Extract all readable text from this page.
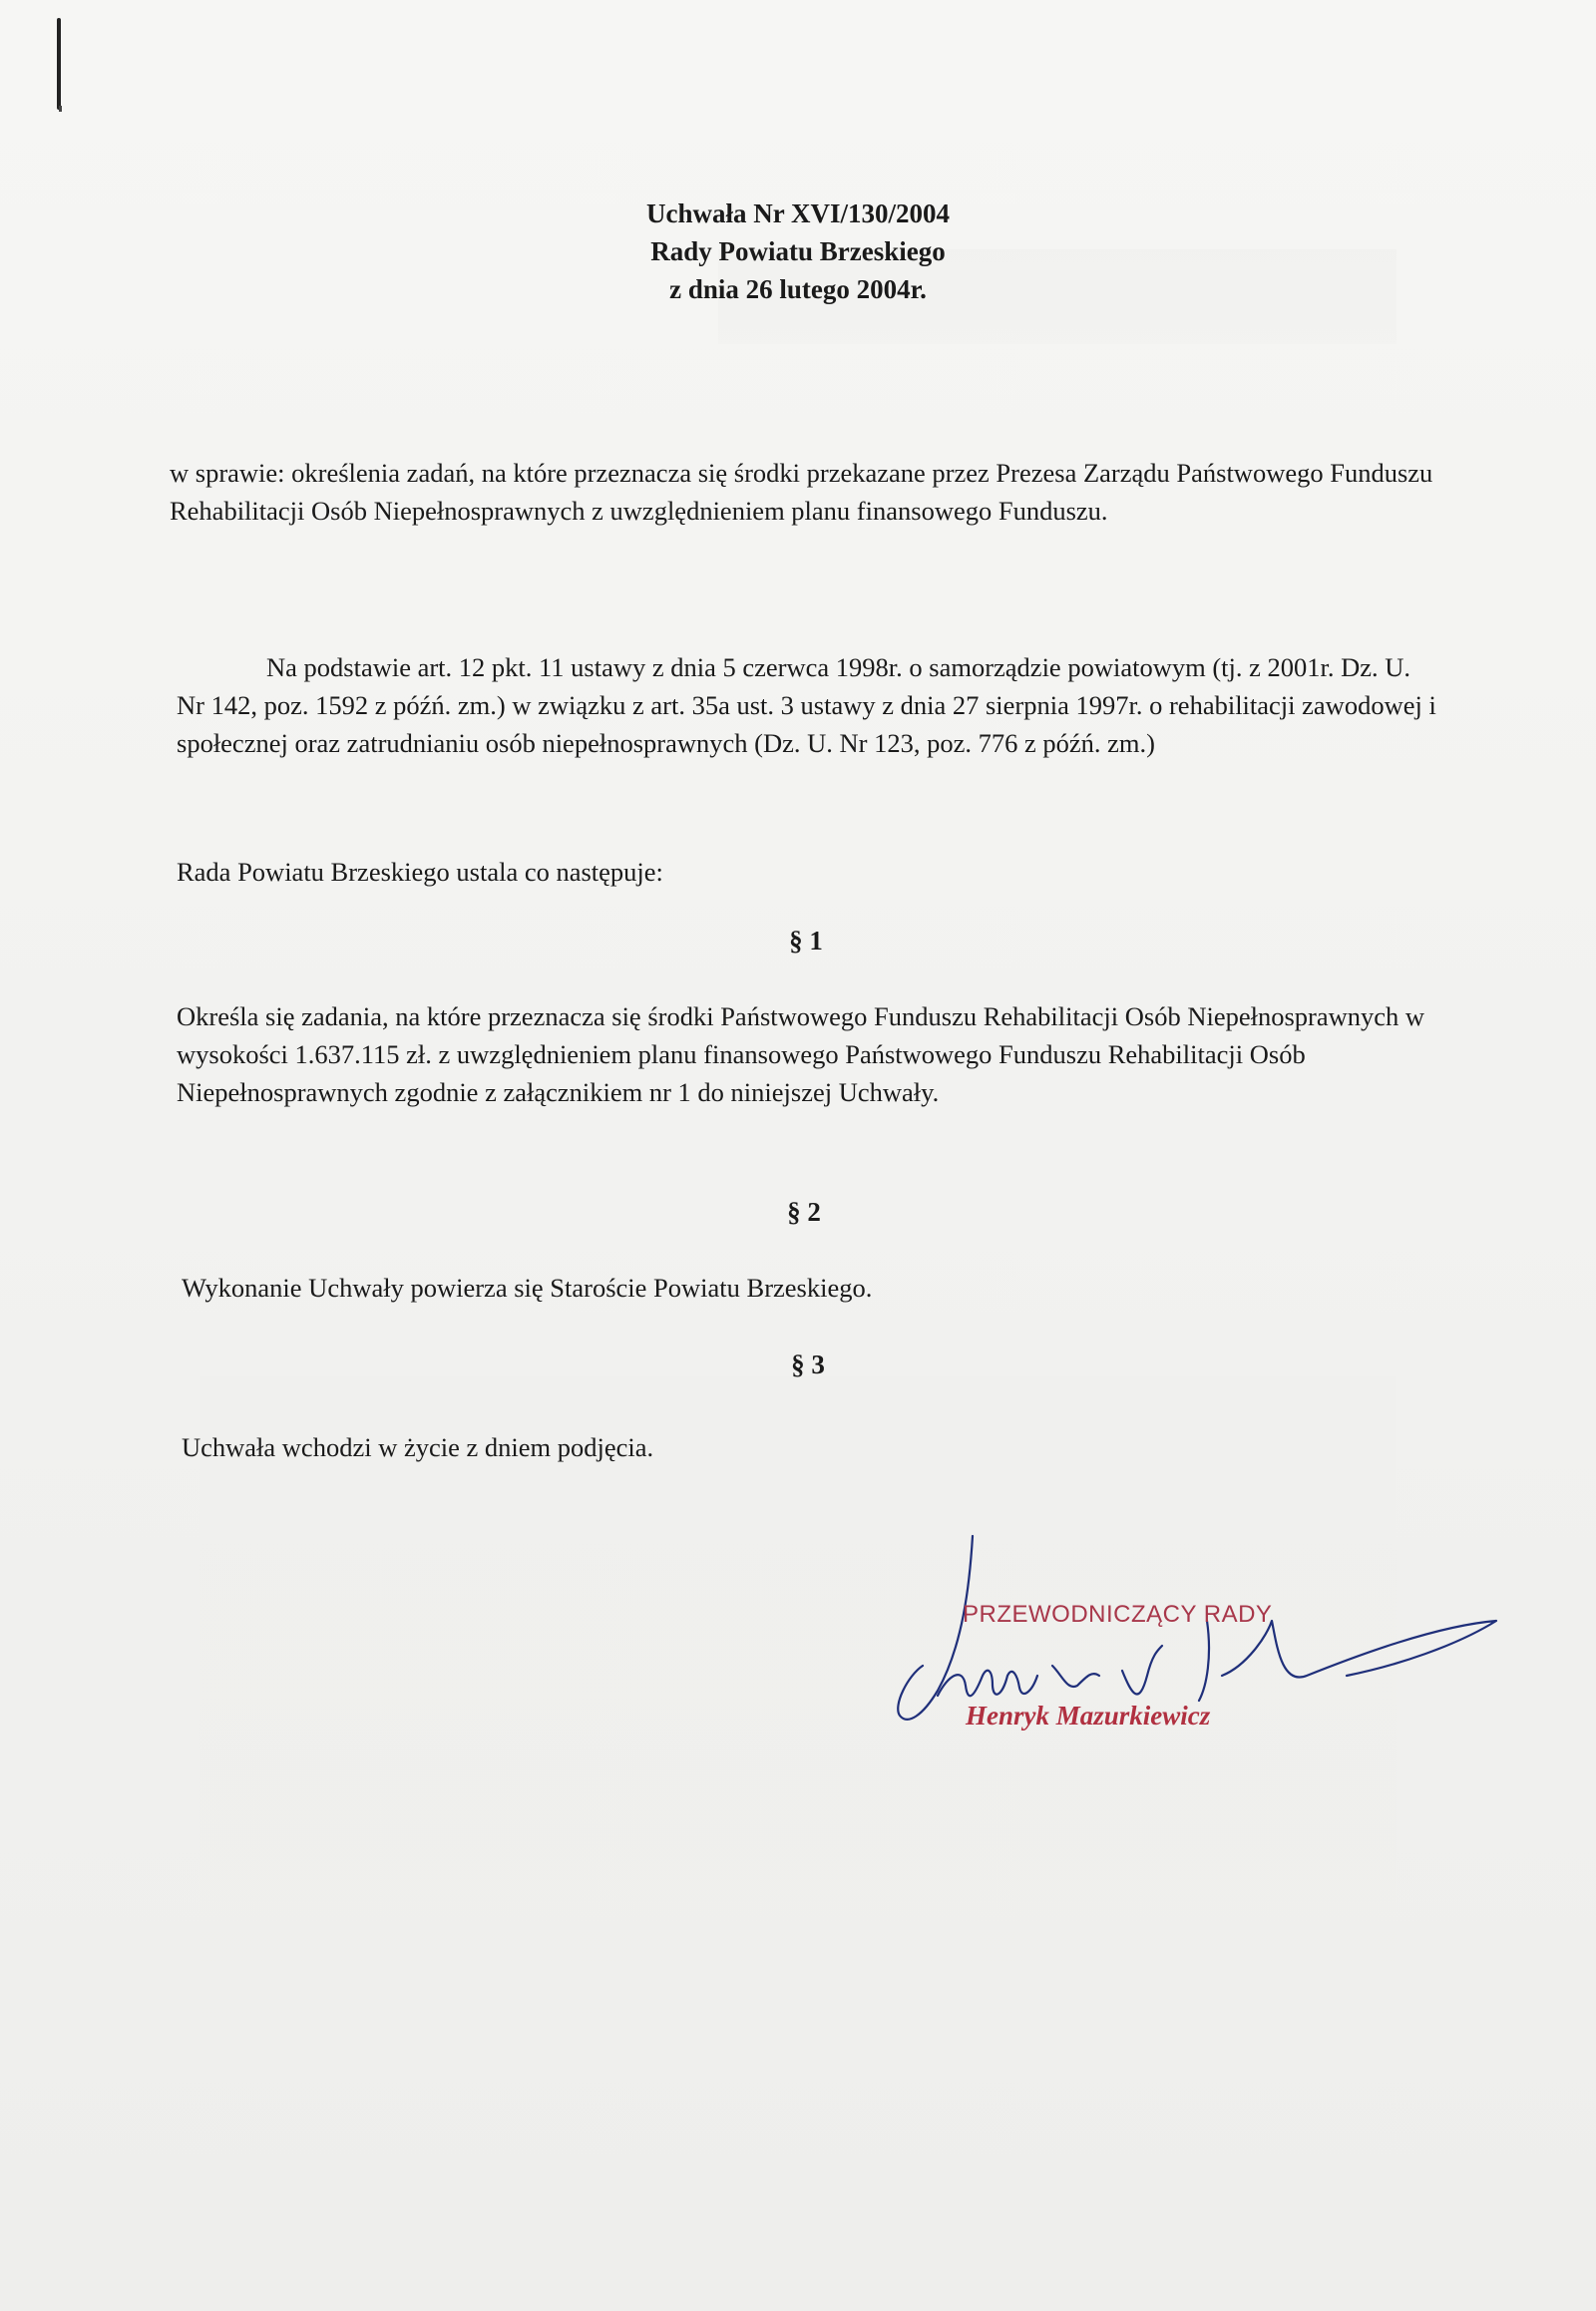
Uchwała Nr XVI/130/2004
Rady Powiatu Brzeskiego
z dnia 26 lutego 2004r.
w sprawie: określenia zadań, na które przeznacza się środki przekazane przez Prezesa Zarządu Państwowego Funduszu Rehabilitacji Osób Niepełnosprawnych z uwzględnieniem planu finansowego Funduszu.
Na podstawie art. 12 pkt. 11 ustawy z dnia 5 czerwca 1998r. o samorządzie powiatowym (tj. z 2001r. Dz. U. Nr 142, poz. 1592 z późń. zm.) w związku z art. 35a ust. 3 ustawy z dnia 27 sierpnia 1997r. o rehabilitacji zawodowej i społecznej oraz zatrudnianiu osób niepełnosprawnych (Dz. U. Nr 123, poz. 776 z późń. zm.)
Rada Powiatu Brzeskiego ustala co następuje:
§ 1
Określa się zadania, na które przeznacza się środki Państwowego Funduszu Rehabilitacji Osób Niepełnosprawnych w wysokości 1.637.115 zł. z uwzględnieniem planu finansowego Państwowego Funduszu Rehabilitacji Osób Niepełnosprawnych zgodnie z załącznikiem nr 1 do niniejszej Uchwały.
§ 2
Wykonanie Uchwały powierza się Staroście Powiatu Brzeskiego.
§ 3
Uchwała wchodzi w życie z dniem podjęcia.
PRZEWODNICZĄCY RADY
Henryk Mazurkiewicz
